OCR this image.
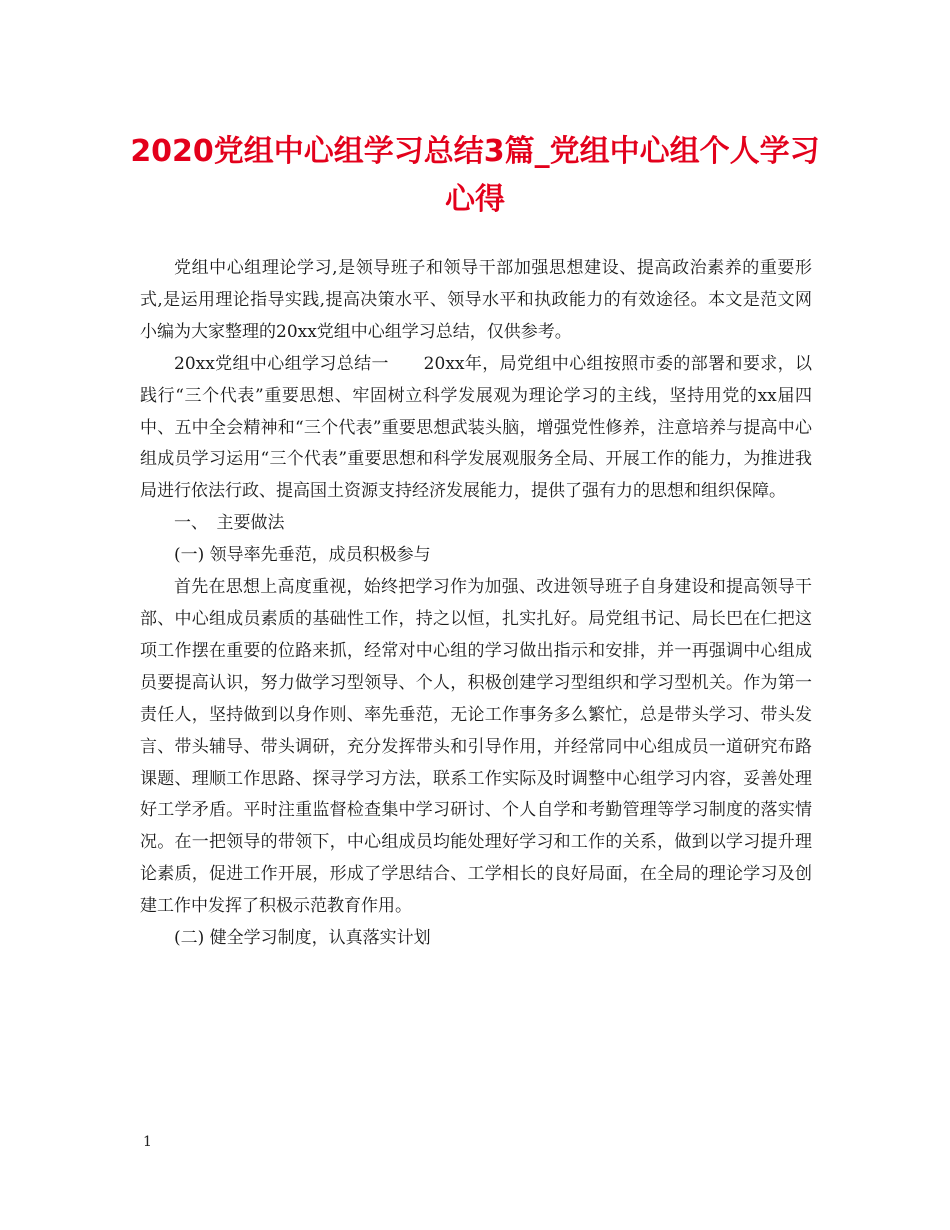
2020党组中心组学习总结3篇_党组中心组个人学习心得

党组中心组理论学习,是领导班子和领导干部加强思想建设、提高政治素养的重要形式,是运用理论指导实践,提高决策水平、领导水平和执政能力的有效途径。本文是范文网小编为大家整理的20xx党组中心组学习总结，仅供参考。

20xx党组中心组学习总结一　　20xx年，局党组中心组按照市委的部署和要求，以践行“三个代表”重要思想、牢固树立科学发展观为理论学习的主线，坚持用党的xx届四中、五中全会精神和“三个代表”重要思想武装头脑，增强党性修养，注意培养与提高中心组成员学习运用“三个代表”重要思想和科学发展观服务全局、开展工作的能力，为推进我局进行依法行政、提高国土资源支持经济发展能力，提供了强有力的思想和组织保障。

一、　主要做法

(一) 领导率先垂范，成员积极参与

首先在思想上高度重视，始终把学习作为加强、改进领导班子自身建设和提高领导干部、中心组成员素质的基础性工作，持之以恒，扎实扎好。局党组书记、局长巴在仁把这项工作摆在重要的位路来抓，经常对中心组的学习做出指示和安排，并一再强调中心组成员要提高认识，努力做学习型领导、个人，积极创建学习型组织和学习型机关。作为第一责任人，坚持做到以身作则、率先垂范，无论工作事务多么繁忙，总是带头学习、带头发言、带头辅导、带头调研，充分发挥带头和引导作用，并经常同中心组成员一道研究布路课题、理顺工作思路、探寻学习方法，联系工作实际及时调整中心组学习内容，妥善处理好工学矛盾。平时注重监督检查集中学习研讨、个人自学和考勤管理等学习制度的落实情况。在一把领导的带领下，中心组成员均能处理好学习和工作的关系，做到以学习提升理论素质，促进工作开展，形成了学思结合、工学相长的良好局面，在全局的理论学习及创建工作中发挥了积极示范教育作用。

(二) 健全学习制度，认真落实计划

1
